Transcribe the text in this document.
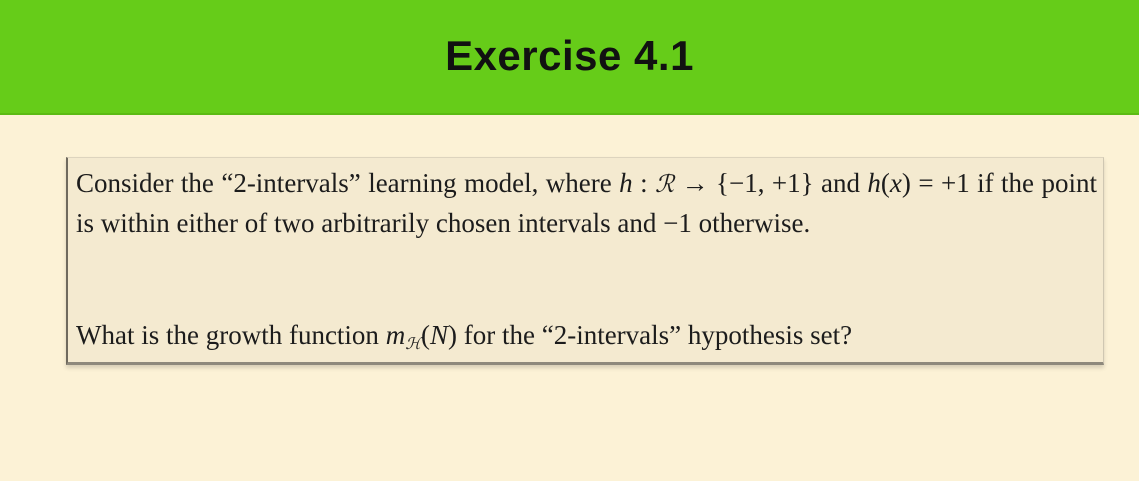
Exercise 4.1

Consider the “2-intervals” learning model, where h : ℛ → {−1, +1} and h(x) = +1 if the point is within either of two arbitrarily chosen intervals and −1 otherwise.

What is the growth function $m_ℋ(N)$ for the “2-intervals” hypothesis set?
